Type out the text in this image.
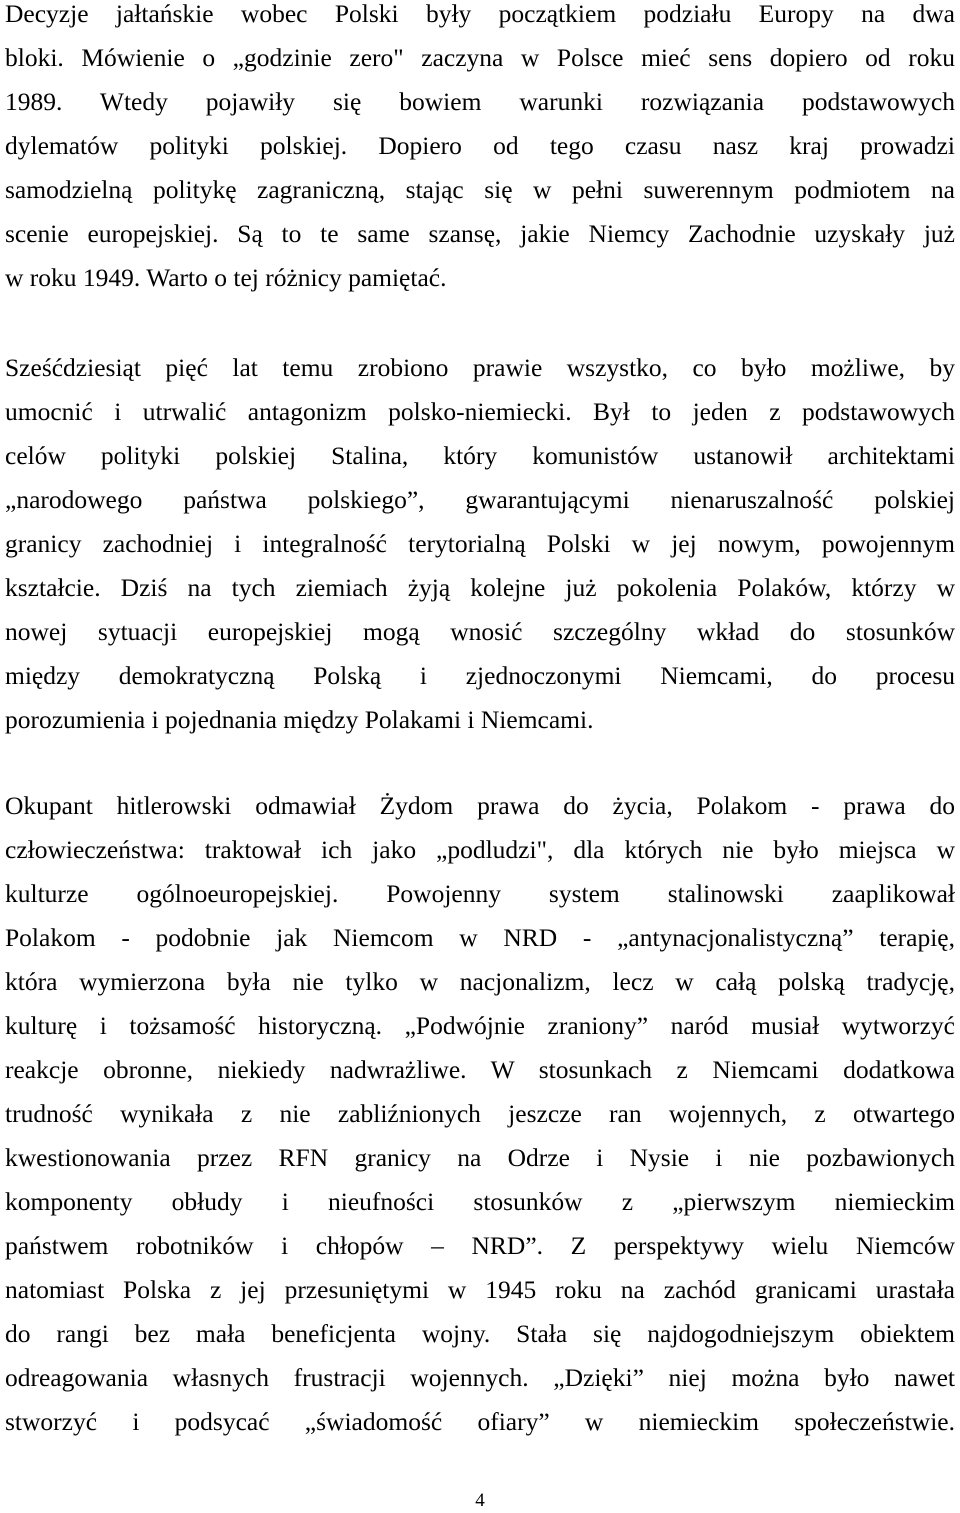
Decyzje jałtańskie wobec Polski były początkiem podziału Europy na dwa
bloki. Mówienie o „godzinie zero" zaczyna w Polsce mieć sens dopiero od roku
1989. Wtedy pojawiły się bowiem warunki rozwiązania podstawowych
dylematów polityki polskiej. Dopiero od tego czasu nasz kraj prowadzi
samodzielną politykę zagraniczną, stając się w pełni suwerennym podmiotem na
scenie europejskiej. Są to te same szansę, jakie Niemcy Zachodnie uzyskały już
w roku 1949. Warto o tej różnicy pamiętać.
Sześćdziesiąt pięć lat temu zrobiono prawie wszystko, co było możliwe, by
umocnić i utrwalić antagonizm polsko-niemiecki. Był to jeden z podstawowych
celów polityki polskiej Stalina, który komunistów ustanowił architektami
„narodowego państwa polskiego”, gwarantującymi nienaruszalność polskiej
granicy zachodniej i integralność terytorialną Polski w jej nowym, powojennym
kształcie. Dziś na tych ziemiach żyją kolejne już pokolenia Polaków, którzy w
nowej sytuacji europejskiej mogą wnosić szczególny wkład do stosunków
między demokratyczną Polską i zjednoczonymi Niemcami, do procesu
porozumienia i pojednania między Polakami i Niemcami.
Okupant hitlerowski odmawiał Żydom prawa do życia, Polakom - prawa do
człowieczeństwa: traktował ich jako „podludzi", dla których nie było miejsca w
kulturze ogólnoeuropejskiej. Powojenny system stalinowski zaaplikował
Polakom - podobnie jak Niemcom w NRD - „antynacjonalistyczną” terapię,
która wymierzona była nie tylko w nacjonalizm, lecz w całą polską tradycję,
kulturę i tożsamość historyczną. „Podwójnie zraniony” naród musiał wytworzyć
reakcje obronne, niekiedy nadwrażliwe. W stosunkach z Niemcami dodatkowa
trudność wynikała z nie zabliźnionych jeszcze ran wojennych, z otwartego
kwestionowania przez RFN granicy na Odrze i Nysie i nie pozbawionych
komponenty obłudy i nieufności stosunków z „pierwszym niemieckim
państwem robotników i chłopów – NRD”. Z perspektywy wielu Niemców
natomiast Polska z jej przesuniętymi w 1945 roku na zachód granicami urastała
do rangi bez mała beneficjenta wojny. Stała się najdogodniejszym obiektem
odreagowania własnych frustracji wojennych. „Dzięki” niej można było nawet
stworzyć i podsycać „świadomość ofiary” w niemieckim społeczeństwie.
4
